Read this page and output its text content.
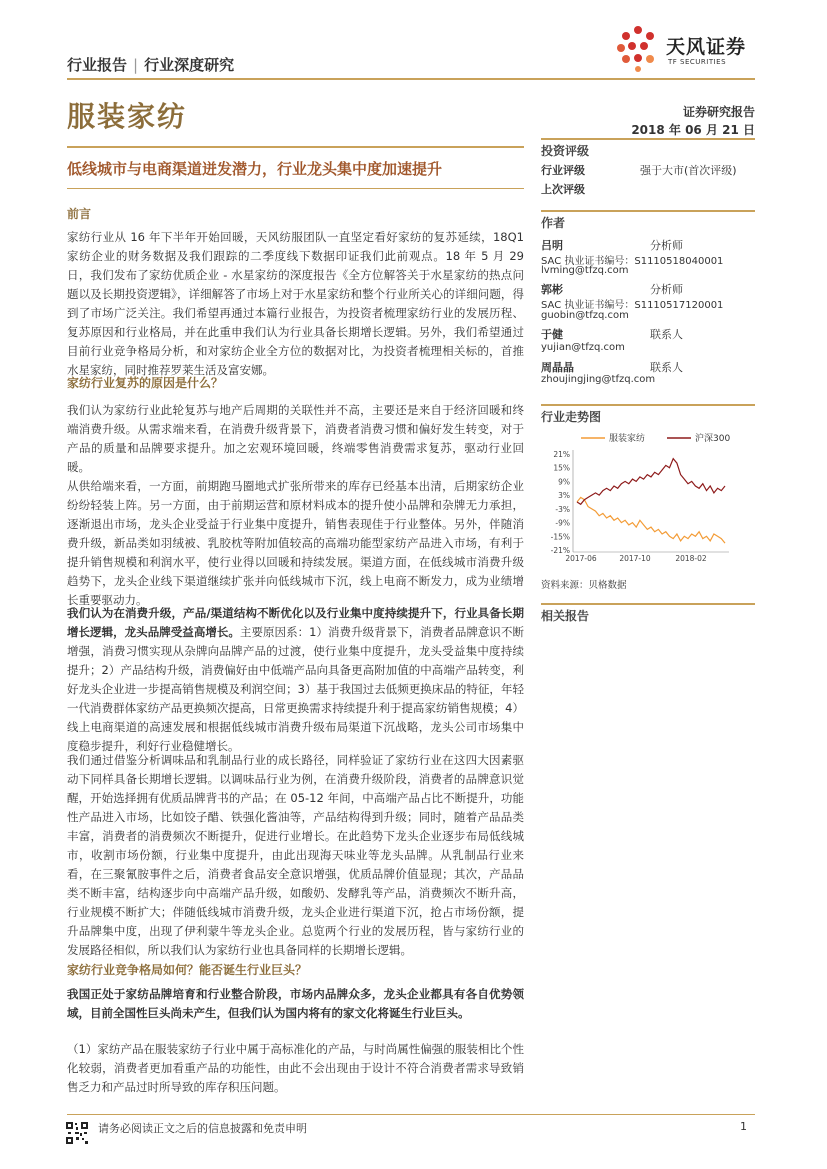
天风证券
TF SECURITIES
行业报告 | 行业深度研究
服装家纺	证券研究报告
2018 年 06 月 21 日
低线城市与电商渠道迸发潜力，行业龙头集中度加速提升
前言

家纺行业从 16 年下半年开始回暖，天风纺服团队一直坚定看好家纺的复苏延续，18Q1 家纺企业的财务数据及我们跟踪的二季度线下数据印证我们此前观点。18 年 5 月 29 日，我们发布了家纺优质企业 - 水星家纺的深度报告《全方位解答关于水星家纺的热点问题以及长期投资逻辑》，详细解答了市场上对于水星家纺和整个行业所关心的详细问题，得到了市场广泛关注。我们希望再通过本篇行业报告，为投资者梳理家纺行业的发展历程、复苏原因和行业格局，并在此重申我们认为行业具备长期增长逻辑。另外，我们希望通过目前行业竞争格局分析，和对家纺企业全方位的数据对比，为投资者梳理相关标的，首推水星家纺，同时推荐罗莱生活及富安娜。

家纺行业复苏的原因是什么？

我们认为家纺行业此轮复苏与地产后周期的关联性并不高，主要还是来自于经济回暖和终端消费升级。从需求端来看，在消费升级背景下，消费者消费习惯和偏好发生转变，对于产品的质量和品牌要求提升。加之宏观环境回暖，终端零售消费需求复苏，驱动行业回暖。

从供给端来看，一方面，前期跑马圈地式扩张所带来的库存已经基本出清，后期家纺企业纷纷轻装上阵。另一方面，由于前期运营和原材料成本的提升使小品牌和杂牌无力承担，逐渐退出市场，龙头企业受益于行业集中度提升，销售表现佳于行业整体。另外，伴随消费升级，新品类如羽绒被、乳胶枕等附加值较高的高端功能型家纺产品进入市场，有利于提升销售规模和利润水平，使行业得以回暖和持续发展。渠道方面，在低线城市消费升级趋势下，龙头企业线下渠道继续扩张并向低线城市下沉，线上电商不断发力，成为业绩增长重要驱动力。

我们认为在消费升级，产品/渠道结构不断优化以及行业集中度持续提升下，行业具备长期增长逻辑，龙头品牌受益高增长。主要原因系：1）消费升级背景下，消费者品牌意识不断增强，消费习惯实现从杂牌向品牌产品的过渡，使行业集中度提升，龙头受益集中度持续提升；2）产品结构升级，消费偏好由中低端产品向具备更高附加值的中高端产品转变，利好龙头企业进一步提高销售规模及利润空间；3）基于我国过去低频更换床品的特征，年轻一代消费群体家纺产品更换频次提高，日常更换需求持续提升利于提高家纺销售规模；4）线上电商渠道的高速发展和根据低线城市消费升级布局渠道下沉战略，龙头公司市场集中度稳步提升，利好行业稳健增长。

我们通过借鉴分析调味品和乳制品行业的成长路径，同样验证了家纺行业在这四大因素驱动下同样具备长期增长逻辑。以调味品行业为例，在消费升级阶段，消费者的品牌意识觉醒，开始选择拥有优质品牌背书的产品；在 05-12 年间，中高端产品占比不断提升，功能性产品进入市场，比如饺子醋、铁强化酱油等，产品结构得到升级；同时，随着产品品类丰富，消费者的消费频次不断提升，促进行业增长。在此趋势下龙头企业逐步布局低线城市，收割市场份额，行业集中度提升，由此出现海天味业等龙头品牌。从乳制品行业来看，在三聚氰胺事件之后，消费者食品安全意识增强，优质品牌价值显现；其次，产品品类不断丰富，结构逐步向中高端产品升级，如酸奶、发酵乳等产品，消费频次不断升高，行业规模不断扩大；伴随低线城市消费升级，龙头企业进行渠道下沉，抢占市场份额，提升品牌集中度，出现了伊利蒙牛等龙头企业。总览两个行业的发展历程，皆与家纺行业的发展路径相似，所以我们认为家纺行业也具备同样的长期增长逻辑。

家纺行业竞争格局如何？能否诞生行业巨头？

我国正处于家纺品牌培育和行业整合阶段，市场内品牌众多，龙头企业都具有各自优势领域，目前全国性巨头尚未产生，但我们认为国内将有的家文化将诞生行业巨头。

（1）家纺产品在服装家纺子行业中属于高标准化的产品，与时尚属性偏强的服装相比个性化较弱，消费者更加看重产品的功能性，由此不会出现由于设计不符合消费者需求导致销售乏力和产品过时所导致的库存积压问题。

投资评级
行业评级	强于大市(首次评级)
上次评级
作者
吕明	分析师
SAC 执业证书编号：S1110518040001
lvming@tfzq.com
郭彬	分析师
SAC 执业证书编号：S1110517120001
guobin@tfzq.com
于健	联系人
yujian@tfzq.com
周晶晶	联系人
zhoujingjing@tfzq.com
行业走势图
服装家纺	沪深300
21%
15%
9%
3%
-3%
-9%
-15%
-21%
2017-06	2017-10	2018-02
资料来源：贝格数据
相关报告
请务必阅读正文之后的信息披露和免责申明	1
